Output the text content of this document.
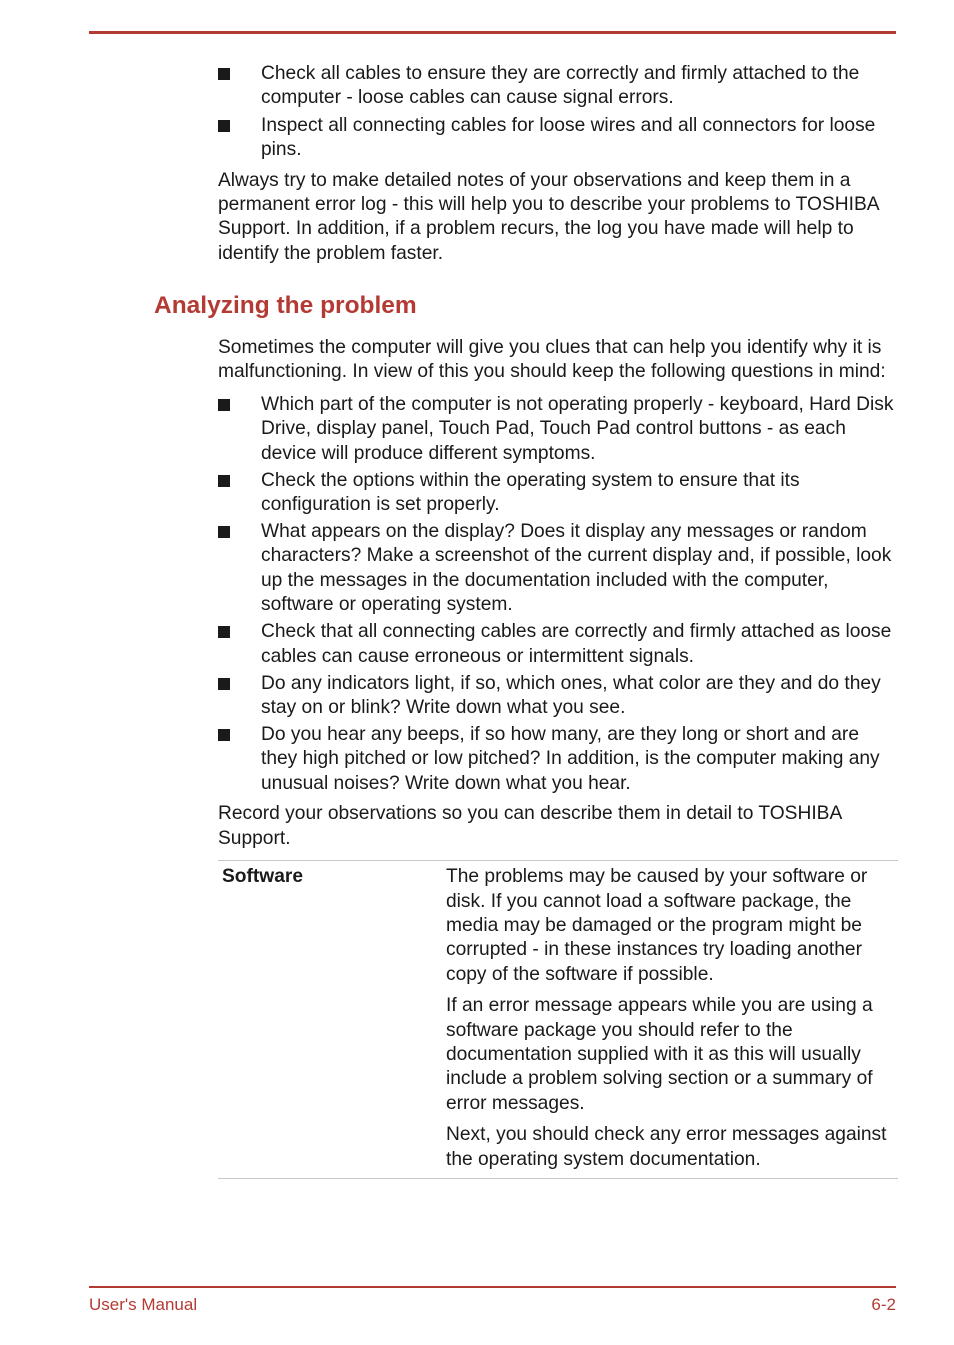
Check all cables to ensure they are correctly and firmly attached to the computer - loose cables can cause signal errors.
Inspect all connecting cables for loose wires and all connectors for loose pins.

Always try to make detailed notes of your observations and keep them in a permanent error log - this will help you to describe your problems to TOSHIBA Support. In addition, if a problem recurs, the log you have made will help to identify the problem faster.

Analyzing the problem

Sometimes the computer will give you clues that can help you identify why it is malfunctioning. In view of this you should keep the following questions in mind:

Which part of the computer is not operating properly - keyboard, Hard Disk Drive, display panel, Touch Pad, Touch Pad control buttons - as each device will produce different symptoms.
Check the options within the operating system to ensure that its configuration is set properly.
What appears on the display? Does it display any messages or random characters? Make a screenshot of the current display and, if possible, look up the messages in the documentation included with the computer, software or operating system.
Check that all connecting cables are correctly and firmly attached as loose cables can cause erroneous or intermittent signals.
Do any indicators light, if so, which ones, what color are they and do they stay on or blink? Write down what you see.
Do you hear any beeps, if so how many, are they long or short and are they high pitched or low pitched? In addition, is the computer making any unusual noises? Write down what you hear.

Record your observations so you can describe them in detail to TOSHIBA Support.

Software	The problems may be caused by your software or disk. If you cannot load a software package, the media may be damaged or the program might be corrupted - in these instances try loading another copy of the software if possible.

If an error message appears while you are using a software package you should refer to the documentation supplied with it as this will usually include a problem solving section or a summary of error messages.

Next, you should check any error messages against the operating system documentation.

User's Manual	6-2
